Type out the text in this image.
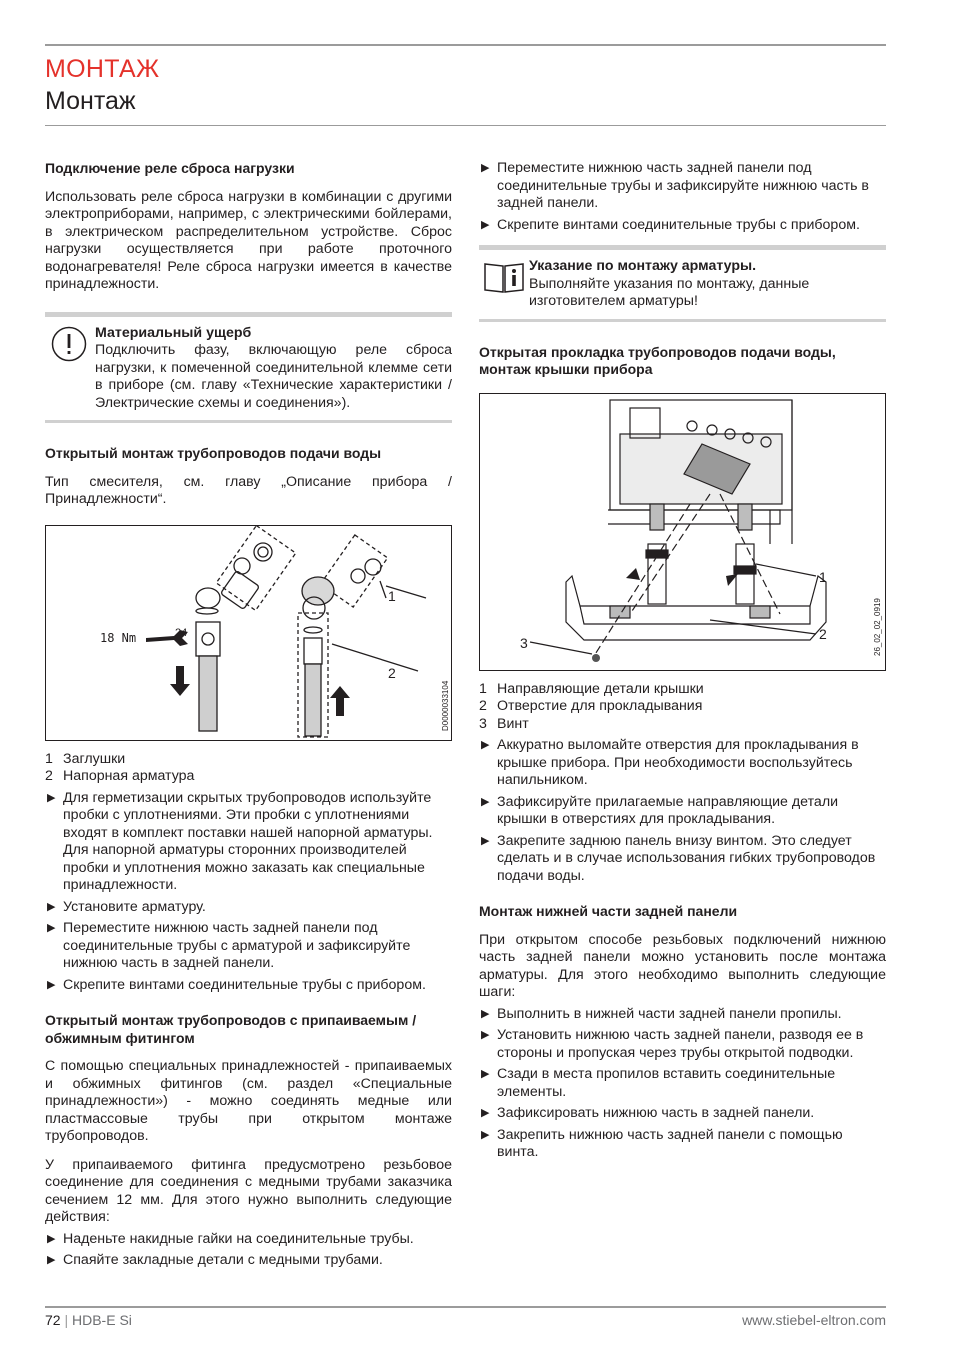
МОНТАЖ
Монтаж
Подключение реле сброса нагрузки

Использовать реле сброса нагрузки в комбинации с другими электроприборами, например, с электрическими бойлерами, в электрическом распределительном устройстве. Сброс нагрузки осуществляется при работе проточного водонагревателя! Реле сброса нагрузки имеется в качестве принадлежности.

Материальный ущерб
Подключить фазу, включающую реле сброса нагрузки, к помеченной соединительной клемме сети в приборе (см. главу «Технические характеристики / Электрические схемы и соединения»).
Открытый монтаж трубопроводов подачи воды

Тип смесителя, см. главу „Описание прибора / Принадлежности“.

18 Nm	24
1
2
D0000033104
1 Заглушки
2 Напорная арматура
▶ Для герметизации скрытых трубопроводов используйте пробки с уплотнениями. Эти пробки с уплотнениями входят в комплект поставки нашей напорной арматуры. Для напорной арматуры сторонних производителей пробки и уплотнения можно заказать как специальные принадлежности.
▶ Установите арматуру.
▶ Переместите нижнюю часть задней панели под соединительные трубы с арматурой и зафиксируйте нижнюю часть в задней панели.
▶ Скрепите винтами соединительные трубы с прибором.
Открытый монтаж трубопроводов с припаиваемым / обжимным фитингом

С помощью специальных принадлежностей - припаиваемых и обжимных фитингов (см. раздел «Специальные принадлежности») - можно соединять медные или пластмассовые трубы при открытом монтаже трубопроводов.

У припаиваемого фитинга предусмотрено резьбовое соединение для соединения с медными трубами заказчика сечением 12 мм. Для этого нужно выполнить следующие действия:

▶ Наденьте накидные гайки на соединительные трубы.
▶ Спаяйте закладные детали с медными трубами.
▶ Переместите нижнюю часть задней панели под соединительные трубы и зафиксируйте нижнюю часть в задней панели.
▶ Скрепите винтами соединительные трубы с прибором.
Указание по монтажу арматуры.
Выполняйте указания по монтажу, данные изготовителем арматуры!
Открытая прокладка трубопроводов подачи воды, монтаж крышки прибора
1
2
3	26_02_02_0919
1 Направляющие детали крышки
2 Отверстие для прокладывания
3 Винт
▶ Аккуратно выломайте отверстия для прокладывания в крышке прибора. При необходимости воспользуйтесь напильником.
▶ Зафиксируйте прилагаемые направляющие детали крышки в отверстиях для прокладывания.
▶ Закрепите заднюю панель внизу винтом. Это следует сделать и в случае использования гибких трубопроводов подачи воды.
Монтаж нижней части задней панели

При открытом способе резьбовых подключений нижнюю часть задней панели можно установить после монтажа арматуры. Для этого необходимо выполнить следующие шаги:

▶ Выполнить в нижней части задней панели пропилы.
▶ Установить нижнюю часть задней панели, разводя ее в стороны и пропуская через трубы открытой подводки.
▶ Сзади в места пропилов вставить соединительные элементы.
▶ Зафиксировать нижнюю часть в задней панели.
▶ Закрепить нижнюю часть задней панели с помощью винта.
72 | HDB-E Si	www.stiebel-eltron.com
